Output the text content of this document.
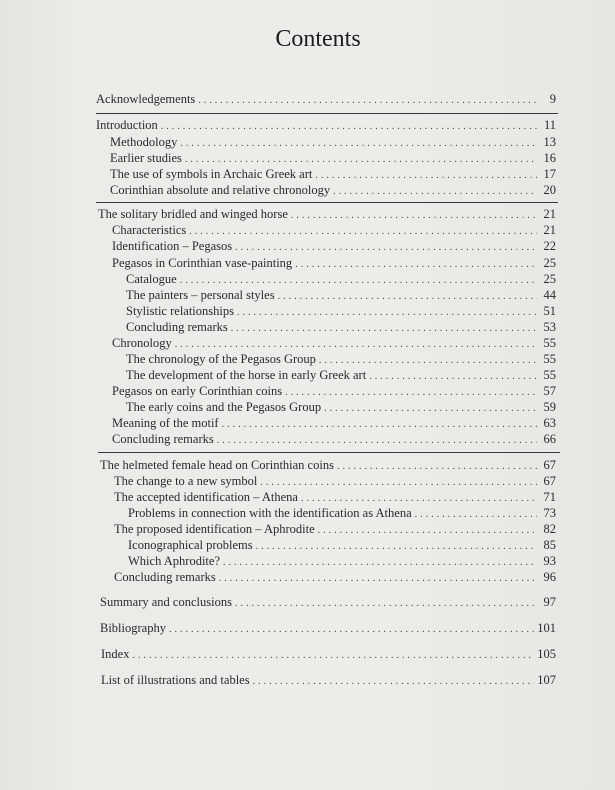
Contents
Acknowledgements .....	9
Introduction .....	11
Methodology .....	13
Earlier studies .....	16
The use of symbols in Archaic Greek art .....	17
Corinthian absolute and relative chronology .....	20
The solitary bridled and winged horse .....	21
Characteristics .....	21
Identification – Pegasos .....	22
Pegasos in Corinthian vase-painting .....	25
Catalogue .....	25
The painters – personal styles .....	44
Stylistic relationships .....	51
Concluding remarks .....	53
Chronology .....	55
The chronology of the Pegasos Group .....	55
The development of the horse in early Greek art .....	55
Pegasos on early Corinthian coins .....	57
The early coins and the Pegasos Group .....	59
Meaning of the motif .....	63
Concluding remarks .....	66
The helmeted female head on Corinthian coins .....	67
The change to a new symbol .....	67
The accepted identification – Athena .....	71
Problems in connection with the identification as Athena .....	73
The proposed identification – Aphrodite .....	82
Iconographical problems .....	85
Which Aphrodite? .....	93
Concluding remarks .....	96
Summary and conclusions .....	97
Bibliography .....	101
Index .....	105
List of illustrations and tables .....	107
